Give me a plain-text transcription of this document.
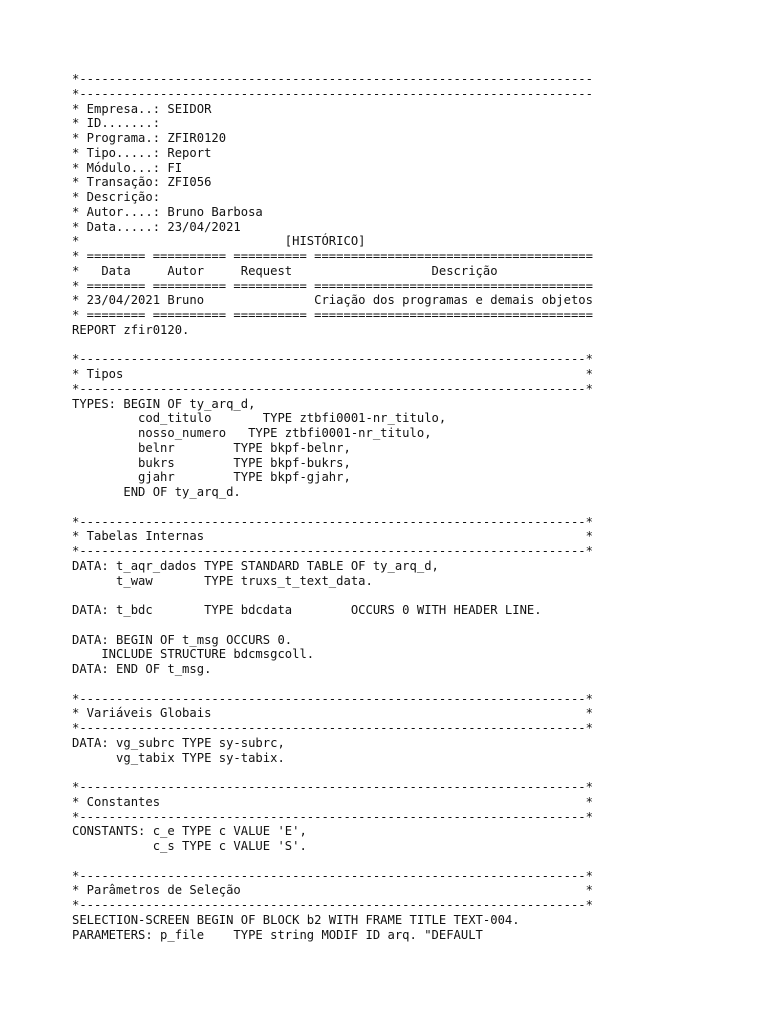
*----------------------------------------------------------------------
*----------------------------------------------------------------------
* Empresa..: SEIDOR
* ID.......:
* Programa.: ZFIR0120
* Tipo.....: Report
* Módulo...: FI
* Transação: ZFI056
* Descrição:
* Autor....: Bruno Barbosa
* Data.....: 23/04/2021
*                            [HISTÓRICO]
* ======== ========== ========== ======================================
*   Data     Autor     Request                   Descrição
* ======== ========== ========== ======================================
* 23/04/2021 Bruno               Criação dos programas e demais objetos
* ======== ========== ========== ======================================
REPORT zfir0120.
*---------------------------------------------------------------------*
* Tipos                                                               *
*---------------------------------------------------------------------*
TYPES: BEGIN OF ty_arq_d,
cod_titulo       TYPE ztbfi0001-nr_titulo,
nosso_numero   TYPE ztbfi0001-nr_titulo,
belnr        TYPE bkpf-belnr,
bukrs        TYPE bkpf-bukrs,
gjahr        TYPE bkpf-gjahr,
END OF ty_arq_d.
*---------------------------------------------------------------------*
* Tabelas Internas                                                    *
*---------------------------------------------------------------------*
DATA: t_aqr_dados TYPE STANDARD TABLE OF ty_arq_d,
t_waw       TYPE truxs_t_text_data.
DATA: t_bdc       TYPE bdcdata        OCCURS 0 WITH HEADER LINE.
DATA: BEGIN OF t_msg OCCURS 0.
INCLUDE STRUCTURE bdcmsgcoll.
DATA: END OF t_msg.
*---------------------------------------------------------------------*
* Variáveis Globais                                                   *
*---------------------------------------------------------------------*
DATA: vg_subrc TYPE sy-subrc,
vg_tabix TYPE sy-tabix.
*---------------------------------------------------------------------*
* Constantes                                                          *
*---------------------------------------------------------------------*
CONSTANTS: c_e TYPE c VALUE 'E',
c_s TYPE c VALUE 'S'.
*---------------------------------------------------------------------*
* Parâmetros de Seleção                                               *
*---------------------------------------------------------------------*
SELECTION-SCREEN BEGIN OF BLOCK b2 WITH FRAME TITLE TEXT-004.
PARAMETERS: p_file    TYPE string MODIF ID arq. "DEFAULT
